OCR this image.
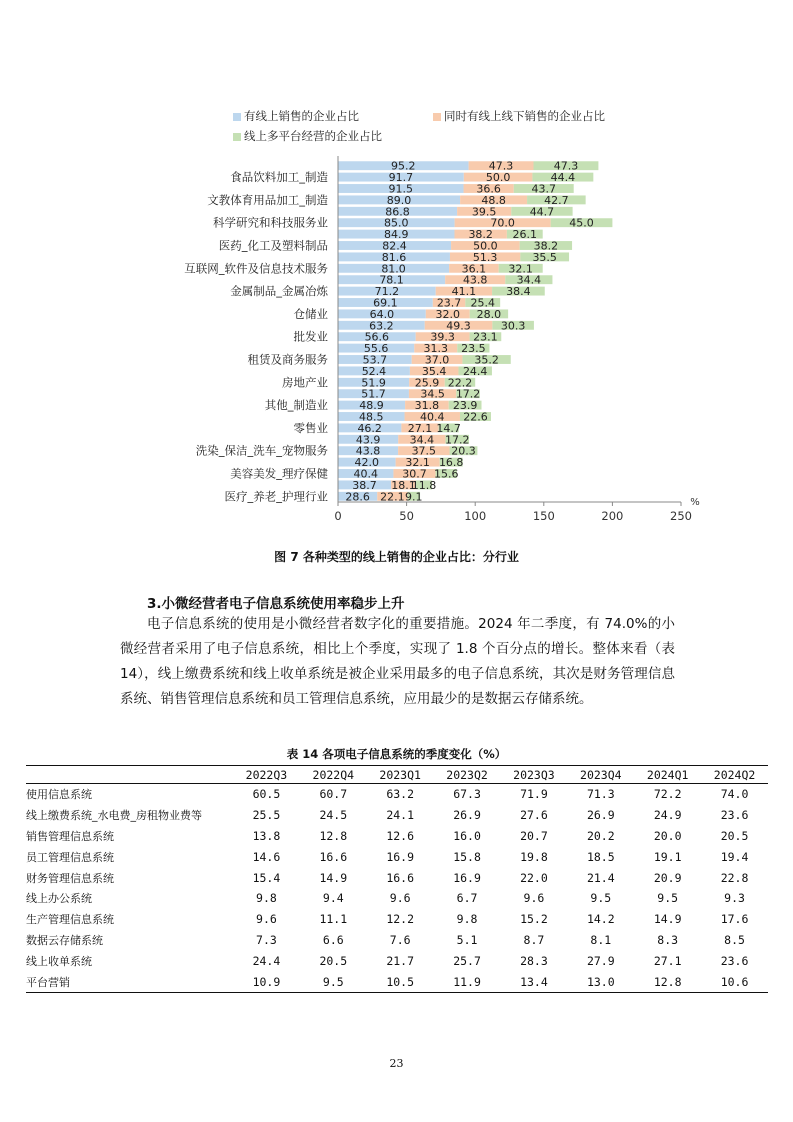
95.2	47.3	47.3
91.7	50.0	44.4
食品饮料加工_制造
91.5	36.6	43.7
89.0	48.8	42.7
文教体育用品加工_制造
86.8	39.5	44.7
85.0	70.0	45.0
科学研究和科技服务业
84.9	38.2 26.1
82.4	50.0	38.2
医药_化工及塑料制品
81.6	51.3	35.5
81.0	36.1 32.1
互联网_软件及信息技术服务
78.1	43.8	34.4
71.2	41.1	38.4
金属制品_金属冶炼
69.1	23.7 25.4
64.0	32.0 28.0
仓储业
63.2	49.3	30.3
56.6	39.3 23.1
批发业
55.6	31.3 23.5
53.7	37.0 35.2
租赁及商务服务
52.4	35.4 24.4
51.9	25.9 22.2
房地产业
51.7	34.5 17.2
48.9	31.8 23.9
其他_制造业
48.5	40.4 22.6
46.2 27.1 14.7
零售业
43.9	34.4 17.2
43.8	37.5 20.3
洗染_保洁_洗车_宠物服务
42.0 32.1 16.8
40.4 30.7 15.6
美容美发_理疗保健
38.7 18.1
11.8
28.6 22.1 9.1
医疗_养老_护理行业
0	50	100	150	200	250
%
有线上销售的企业占比	同时有线上线下销售的企业占比
线上多平台经营的企业占比
图 7 各种类型的线上销售的企业占比：分行业
3.小微经营者电子信息系统使用率稳步上升

电子信息系统的使用是小微经营者数字化的重要措施。2024 年二季度，有 74.0%的小微经营者采用了电子信息系统，相比上个季度，实现了 1.8 个百分点的增长。整体来看（表 14），线上缴费系统和线上收单系统是被企业采用最多的电子信息系统，其次是财务管理信息系统、销售管理信息系统和员工管理信息系统，应用最少的是数据云存储系统。

表 14 各项电子信息系统的季度变化（%）
	2022Q3	2022Q4	2023Q1	2023Q2	2023Q3	2023Q4	2024Q1	2024Q2
使用信息系统	60.5	60.7	63.2	67.3	71.9	71.3	72.2	74.0
线上缴费系统_水电费_房租物业费等	25.5	24.5	24.1	26.9	27.6	26.9	24.9	23.6
销售管理信息系统	13.8	12.8	12.6	16.0	20.7	20.2	20.0	20.5
员工管理信息系统	14.6	16.6	16.9	15.8	19.8	18.5	19.1	19.4
财务管理信息系统	15.4	14.9	16.6	16.9	22.0	21.4	20.9	22.8
线上办公系统	9.8	9.4	9.6	6.7	9.6	9.5	9.5	9.3
生产管理信息系统	9.6	11.1	12.2	9.8	15.2	14.2	14.9	17.6
数据云存储系统	7.3	6.6	7.6	5.1	8.7	8.1	8.3	8.5
线上收单系统	24.4	20.5	21.7	25.7	28.3	27.9	27.1	23.6
平台营销	10.9	9.5	10.5	11.9	13.4	13.0	12.8	10.6
23
